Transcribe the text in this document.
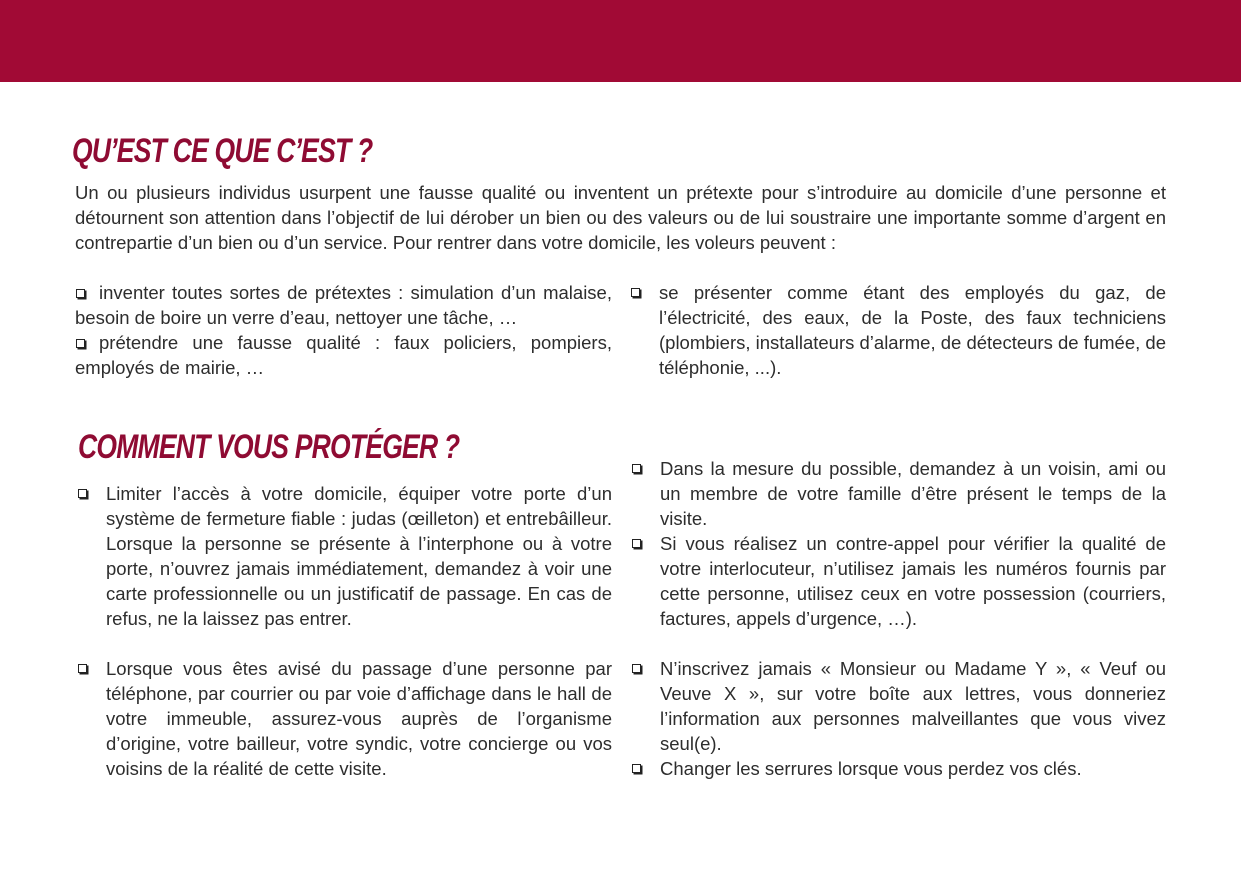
QU’EST CE QUE C’EST ?

Un ou plusieurs individus usurpent une fausse qualité ou inventent un prétexte pour s’introduire au domicile d’une personne et détournent son attention dans l’objectif de lui dérober un bien ou des valeurs ou de lui soustraire une importante somme d’argent en contrepartie d’un bien ou d’un service. Pour rentrer dans votre domicile, les voleurs peuvent :

inventer toutes sortes de prétextes : simulation d’un malaise, besoin de boire un verre d’eau, nettoyer une tâche, …

prétendre une fausse qualité : faux policiers, pompiers, employés de mairie, …

se présenter comme étant des employés du gaz, de l’électricité, des eaux, de la Poste, des faux techniciens (plombiers, installateurs d’alarme, de détecteurs de fumée, de téléphonie, ...).
COMMENT VOUS PROTÉGER ?
Limiter l’accès à votre domicile, équiper votre porte d’un système de fermeture fiable : judas (œilleton) et entrebâilleur. Lorsque la personne se présente à l’interphone ou à votre porte, n’ouvrez jamais immédiatement, demandez à voir une carte professionnelle ou un justificatif de passage. En cas de refus, ne la laissez pas entrer.
Lorsque vous êtes avisé du passage d’une personne par téléphone, par courrier ou par voie d’affichage dans le hall de votre immeuble, assurez-vous auprès de l’organisme d’origine, votre bailleur, votre syndic, votre concierge ou vos voisins de la réalité de cette visite.
Dans la mesure du possible, demandez à un voisin, ami ou un membre de votre famille d’être présent le temps de la visite.
Si vous réalisez un contre-appel pour vérifier la qualité de votre interlocuteur, n’utilisez jamais les numéros fournis par cette personne, utilisez ceux en votre possession (courriers, factures, appels d’urgence, …).
N’inscrivez jamais « Monsieur ou Madame Y », « Veuf ou Veuve X », sur votre boîte aux lettres, vous donneriez l’information aux personnes malveillantes que vous vivez seul(e).
Changer les serrures lorsque vous perdez vos clés.
